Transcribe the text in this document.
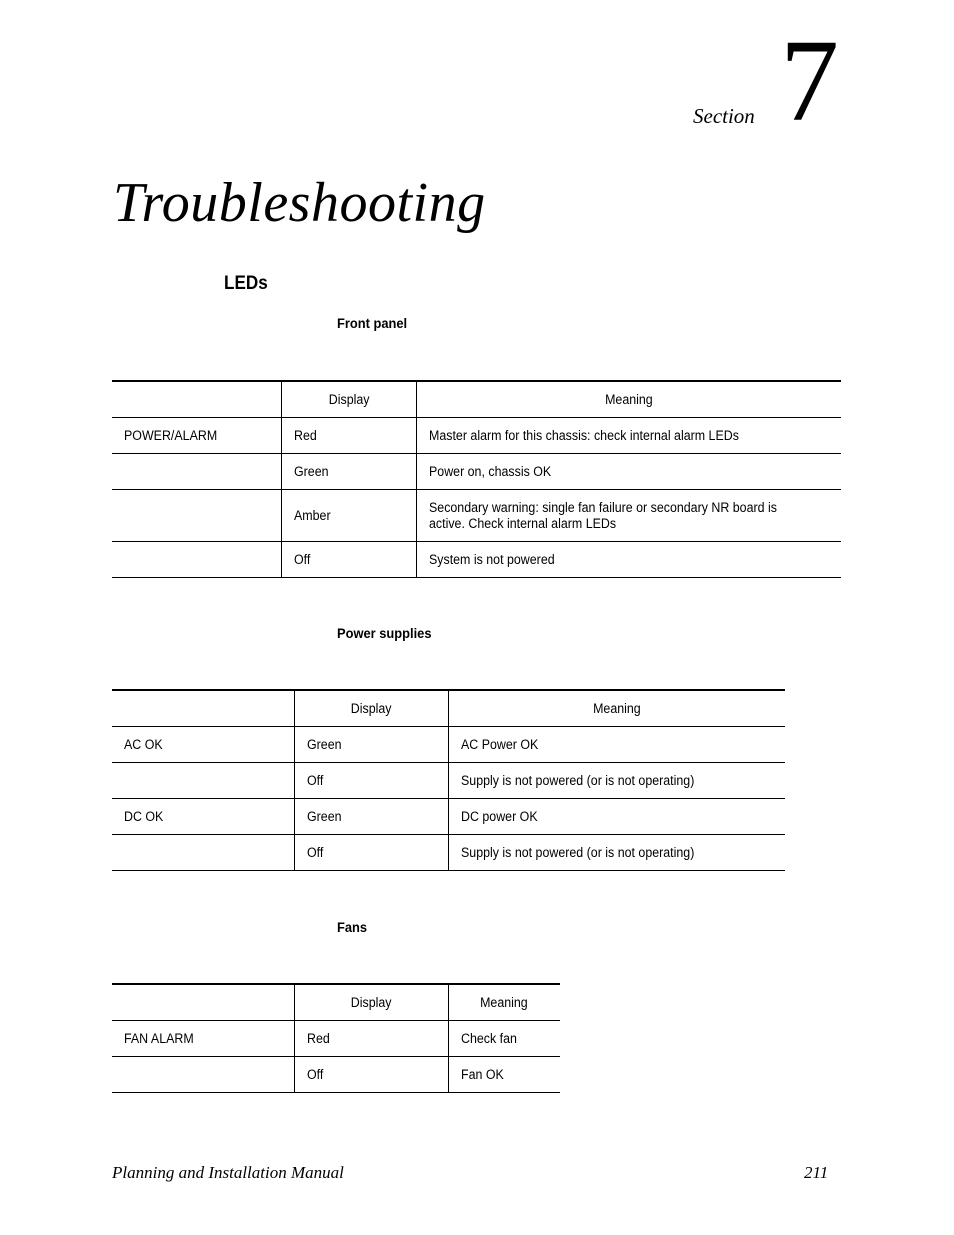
Section 7
Troubleshooting
LEDs
Front panel
	Display	Meaning
POWER/ALARM	Red	Master alarm for this chassis: check internal alarm LEDs
	Green	Power on, chassis OK
	Amber	Secondary warning: single fan failure or secondary NR board is active. Check internal alarm LEDs

	Off	System is not powered
Power supplies
	Display	Meaning
AC OK	Green	AC Power OK
	Off	Supply is not powered (or is not operating)
DC OK	Green	DC power OK
	Off	Supply is not powered (or is not operating)
Fans
	Display	Meaning
FAN ALARM	Red	Check fan
	Off	Fan OK
Planning and Installation Manual	211
